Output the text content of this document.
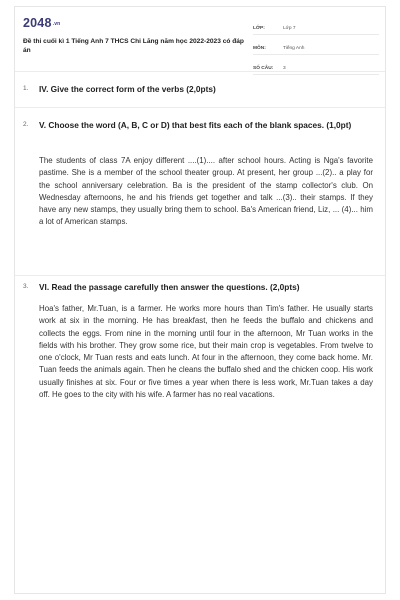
2048.vn
Đề thi cuối kì 1 Tiếng Anh 7 THCS Chi Lăng năm học 2022-2023 có đáp án
LỚP:	Lớp 7
MÔN:	Tiếng Anh
SỐ CÂU:	3
1. IV. Give the correct form of the verbs (2,0pts)
2. V. Choose the word (A, B, C or D) that best fits each of the blank spaces. (1,0pt)
The students of class 7A enjoy different ....(1).... after school hours. Acting is Nga's favorite pastime. She is a member of the school theater group. At present, her group ...(2).. a play for the school anniversary celebration. Ba is the president of the stamp collector's club. On Wednesday afternoons, he and his friends get together and talk ...(3).. their stamps. If they have any new stamps, they usually bring them to school. Ba's American friend, Liz, ... (4)... him a lot of American stamps.
3. VI. Read the passage carefully then answer the questions. (2,0pts)
Hoa's father, Mr.Tuan, is a farmer. He works more hours than Tim's father. He usually starts work at six in the morning. He has breakfast, then he feeds the buffalo and chickens and collects the eggs. From nine in the morning until four in the afternoon, Mr Tuan works in the fields with his brother. They grow some rice, but their main crop is vegetables. From twelve to one o'clock, Mr Tuan rests and eats lunch. At four in the afternoon, they come back home. Mr. Tuan feeds the animals again. Then he cleans the buffalo shed and the chicken coop. His work usually finishes at six. Four or five times a year when there is less work, Mr.Tuan takes a day off. He goes to the city with his wife. A farmer has no real vacations.
